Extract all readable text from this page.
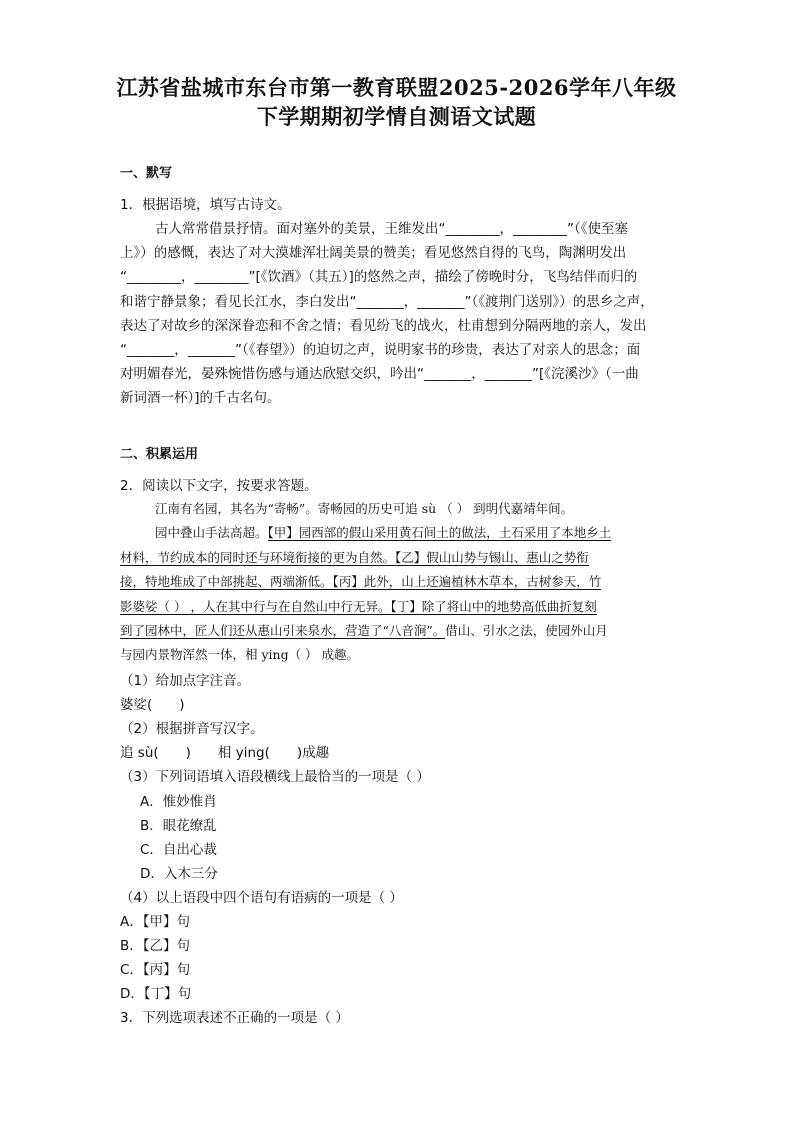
江苏省盐城市东台市第一教育联盟2025-2026学年八年级
下学期期初学情自测语文试题
一、默写
1．根据语境，填写古诗文。
古人常常借景抒情。面对塞外的美景，王维发出“________，________”（《使至塞
上》）的感慨，表达了对大漠雄浑壮阔美景的赞美；看见悠然自得的飞鸟，陶渊明发出
“________，________”[《饮酒》（其五）]的悠然之声，描绘了傍晚时分，飞鸟结伴而归的
和谐宁静景象；看见长江水，李白发出“_______，_______”（《渡荆门送别》）的思乡之声，
表达了对故乡的深深眷恋和不舍之情；看见纷飞的战火，杜甫想到分隔两地的亲人，发出
“_______，_______”（《春望》）的迫切之声，说明家书的珍贵，表达了对亲人的思念；面
对明媚春光，晏殊惋惜伤感与通达欣慰交织，吟出“_______，_______”[《浣溪沙》（一曲
新词酒一杯）]的千古名句。
二、积累运用
2．阅读以下文字，按要求答题。
江南有名园，其名为“寄畅”。寄畅园的历史可追 sù （ ） 到明代嘉靖年间。
园中叠山手法高超。【甲】园西部的假山采用黄石间土的做法，土石采用了本地乡土
材料，节约成本的同时还与环境衔接的更为自然。【乙】假山山势与锡山、惠山之势衔
接，特地堆成了中部挑起、两端渐低。【丙】此外，山上还遍植林木草本，古树参天，竹
影婆娑（ ） ，人在其中行与在自然山中行无异。【丁】除了将山中的地势高低曲折复刻
到了园林中，匠人们还从惠山引来泉水，营造了“八音涧”。借山、引水之法，使园外山月
与园内景物浑然一体，相 ying（ ） 成趣。
（1）给加点字注音。
婆娑(　　)
（2）根据拼音写汉字。
追 sù(　　)　　相 ying(　　)成趣
（3）下列词语填入语段横线上最恰当的一项是（ ）
A．惟妙惟肖
B．眼花缭乱
C．自出心裁
D．入木三分
（4）以上语段中四个语句有语病的一项是（ ）
A．【甲】句
B．【乙】句
C．【丙】句
D．【丁】句
3．下列选项表述不正确的一项是（ ）
